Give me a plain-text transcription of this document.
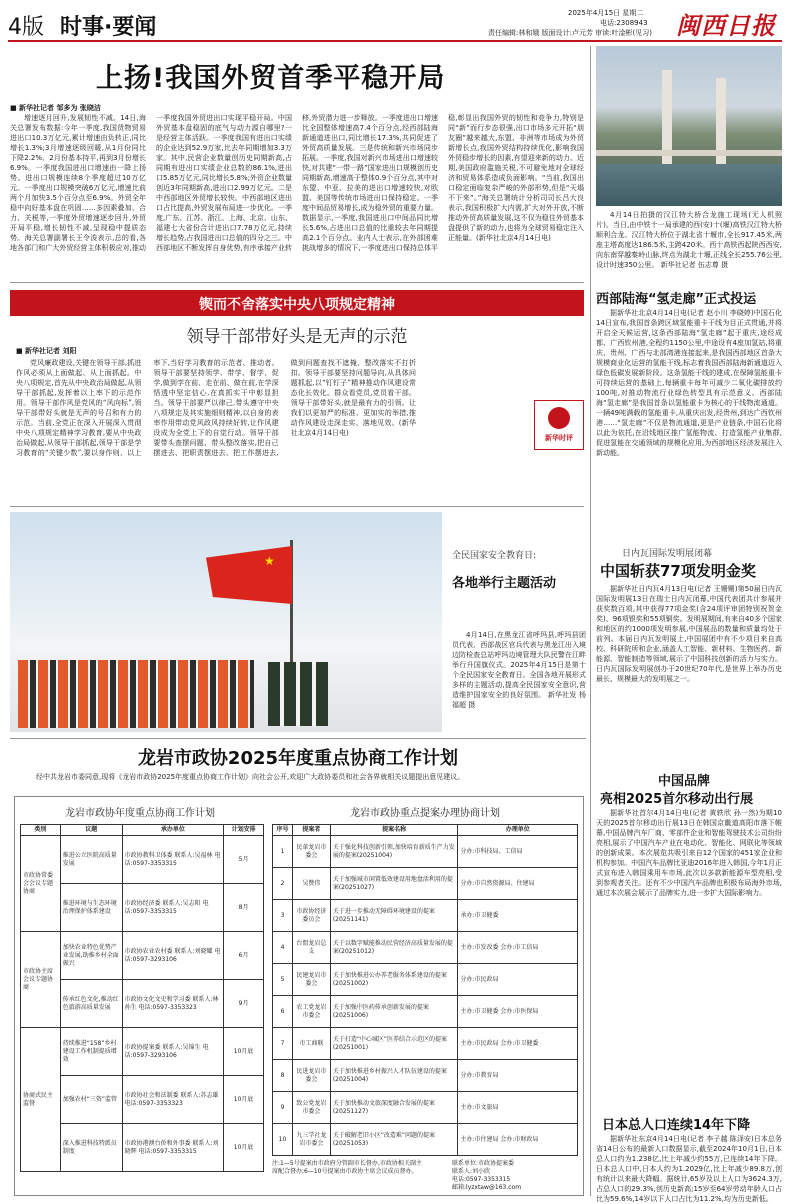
4版 时事·要闻
2025年4月15日 星期二
电话:2308943
责任编辑:林和娥 版面设计:卢元芳 审读:叶淦彬(见习) 闽西日报
上扬!我国外贸首季平稳开局
■ 新华社记者 邹多为 张晓洁
增速逐月回升,发展韧性不减。14日,海关总署发布数据:今年一季度,我国货物贸易进出口10.3万亿元,累计增速由负转正,同比增长1.3%;3月增速逐级回暖,从1月份同比下降2.2%、2月份基本持平,再到3月份增长6.9%。一季度我国进出口增速由一降上扬势。进出口规模连续8个季度超过10万亿元。一季度出口规模突破6万亿元,增速比前两个月加快3.5个百分点至6.9%。外贸全年稳中向好基本盘在巩固……多因素叠加、合力、关税等,一季度外贸增速逐步回升,外贸开局平稳,增长韧性不减,呈现稳中提质态势。海关总署副署长王令浚表示,总的看,各地各部门和广大外贸经营主体积极应对,推动一季度我国外贸进出口实现平稳开局。中国外贸基本盘稳固的底气与动力源自哪里?一是经营主体活跃。一季度我国有进出口实绩的企业达到52.9万家,比去年同期增加3.3万家。其中,民营企业数量创历史同期新高,占同期有进出口实绩企业总数的86.1%,进出口5.85万亿元,同比增长5.8%;外资企业数量创近3年同期新高,进出口2.99万亿元。二是中西部地区外贸增长较快。中西部地区进出口占比提高,外贸发展布局进一步优化。一季度,广东、江苏、浙江、上海、北京、山东、福建七大省份合计进出口7.78万亿元,持续增长趋势,占我国进出口总值的四分之三。中西部地区不断发挥自身优势,有序承接产业转移,外贸潜力进一步释放。一季度进出口增速比全国整体增速高7.4个百分点,经西部陆海新通道进出口,同比增长17.3%,共同促进了外贸高质量发展。三是传统和新兴市场同步拓展。一季度,我国对新兴市场进出口增速较快,对共建“一带一路”国家进出口规模创历史同期新高,增速高于整体0.9个百分点,其中对东盟、中亚、拉美的进出口增速较快,对欧盟、美国等传统市场进出口保持稳定。一季度中间品贸易增长,成为稳外贸的重要力量。数据显示,一季度,我国进出口中间品同比增长5.6%,占进出口总值的比重较去年同期提高2.1个百分点。业内人士表示,在外部困难挑战增多的情况下,一季度进出口保持总体平稳,彰显出我国外贸的韧性和竞争力,特别是同“新”而行步态很强,出口市场多元开拓“朋友圈”越来越大,东盟、非洲等市场成为外贸新增长点,我国外贸结构持续优化,影响我国外贸稳步增长的因素,有望迎来新的动力。近期,美国政府滥施关税,不可避免地对全球经济和贸易体系造成负面影响。“当前,我国出口稳定面临复杂严峻的外部形势,但是“天塌不下来”。”海关总署统计分析司司长吕大良表示,我国积极扩大内需,扩大对外开放,不断推动外贸高质量发展,这不仅为稳住外贸基本盘提供了新的动力,也将为全球贸易稳定注入正能量。(新华社北京4月14日电)
4月14日拍摄的汉江特大桥合龙施工现场(无人机照片)。当日,由中铁十一局承建的西(安)十(堰)高铁汉江特大桥顺利合龙。汉江特大桥位于湖北省十堰市,全长917.45米,两座主塔高度达186.5米,主跨420米。西十高铁西起陕西西安,向东南穿越秦岭山脉,终点为湖北十堰,正线全长255.76公里,设计时速350公里。 新华社记者 伍志尊 摄
西部陆海“氢走廊”正式投运
据新华社北京4月14日电(记者 赵小川 李晓婷)中国石化14日宣布,我国首条跨区域氢能重卡干线为目正式贯通,并将开启全天候运营,这条西部陆海“氢走廊”起于重庆,途经成都、广西钦州港,全程约1150公里,中途设有4座加氢站,将重庆、贵州、广西与北部湾港连接起来,是我国西部地区首条大规模商业化运营的氢能干线,标志着我国西部陆海新通道迈入绿色低碳发展新阶段。这条氢能干线的建成,在保障氢能重卡可持续运营的基础上,每辆重卡每年可减少二氧化碳排放约100吨,对推动物流行业绿色转型具有示范意义。西部陆海“氢走廊”是我国首条以氢能重卡为核心的干线物流通道。一辆49吨满载的氢能重卡,从重庆出发,经贵州,到达广西钦州港……“氢走廊”不仅是物流通道,更是产业链条,中国石化将以此为依托,在沿线地区推广氢能物流、打造氢能产业集群,促进氢能在交通领域的规模化应用,为西部地区经济发展注入新动能。
日内瓦国际发明展闭幕
中国斩获77项发明金奖
据新华社日内瓦4月13日电(记者 王姗姗)第50届日内瓦国际发明展13日在瑞士日内瓦闭幕,中国代表团共计参展并获奖数百项,其中获得77项金奖(含24项评审团特别祝贺金奖)、96项银奖和55项铜奖。发明展期间,有来自40多个国家和地区的约1000项发明参展,中国展品的数量和质量均处于前列。本届日内瓦发明展上,中国展团中有不少项目来自高校、科研院所和企业,涵盖人工智能、新材料、生物医药、新能源、智能制造等领域,展示了中国科技创新的活力与实力。日内瓦国际发明展创办于20世纪70年代,是世界上举办历史最长、规模最大的发明展之一。
中国品牌
亮相2025首尔移动出行展
据新华社首尔4月14日电(记者 黄轶欣 孙一然)为期10天的2025首尔移动出行展13日在韩国京畿道高阳市落下帷幕,中国品牌汽车厂商、零部件企业和智能驾驶技术公司纷纷亮相,展示了中国汽车产业在电动化、智能化、网联化等领域的创新成果。本次展览共吸引来自12个国家的451家企业和机构参加。中国汽车品牌比亚迪2016年进入韩国,今年1月正式宣布进入韩国乘用车市场,此次以多款新能源车型亮相,受到参观者关注。还有不少中国汽车品牌也积极布局海外市场,通过本次展会展示了品牌实力,进一步扩大国际影响力。
日本总人口连续14年下降
据新华社东京4月14日电(记者 李子越 陈泽安)日本总务省14日公布的最新人口数据显示,截至2024年10月1日,日本总人口约为1.238亿,比上年减少约55万,已连续14年下降。日本总人口中,日本人约为1.2029亿,比上年减少89.8万,创有统计以来最大降幅。据统计,65岁及以上人口为3624.3万,占总人口的29.3%,创历史新高;15岁至64岁劳动年龄人口占比为59.6%,14岁以下人口占比为11.2%,均为历史新低。
锲而不舍落实中央八项规定精神
领导干部带好头是无声的示范
■ 新华社记者 刘阳
党风廉政建设,关键在领导干部,抓进作风必须从上面做起、从上面抓起。中央八项规定,首先从中央政治局做起,从领导干部抓起,发挥着以上率下的示范作用。领导干部作风是党风的“风向标”,领导干部带好头就是无声的号召和有力的示范。当前,全党正在深入开展深入贯彻中央八项规定精神学习教育,要从中央政治局做起,从领导干部抓起,领导干部是学习教育的“关键少数”,要以身作则、以上率下,当好学习教育的示范者、推动者。领导干部要坚持领学、带学、督学、促学,做到学在前、走在前、做在前,在学深悟透中坚定信心,在真抓实干中彰显担当。领导干部要严以律己,带头遵守中央八项规定及其实施细则精神,以自身的表率作用带动党风政风持续好转,让作风建设成为全党上下的自觉行动。领导干部要带头查摆问题、带头整改落实,把自己摆进去、把职责摆进去、把工作摆进去,做到问题查找不遮掩、整改落实不打折扣。领导干部要坚持问题导向,从具体问题抓起,以“钉钉子”精神推动作风建设常态化长效化。群众看党员,党员看干部。领导干部带好头,就是最有力的引领。让我们以更加严的标准、更加实的举措,推动作风建设走深走实、落地见效。(新华社北京4月14日电)
新华时评
★	全民国家安全教育日:
各地举行主题活动
4月14日,在黑龙江省呼玛县,呼玛县团员代表、西部战区官兵代表与黑龙江出入境边防检查总站呼玛边境管理大队民警在江畔举行升国旗仪式。2025年4月15日是第十个全民国家安全教育日。全国各地开展形式多样的主题活动,提高全民国家安全意识,营造维护国家安全的良好氛围。 新华社发 杨福超 摄
龙岩市政协2025年度重点协商工作计划
经中共龙岩市委同意,现将《龙岩市政协2025年度重点协商工作计划》向社会公开,欢迎广大政协委员和社会各界就相关议题提出意见建议。
龙岩市政协年度重点协商工作计划
类别	议题	承办单位	计划安排
市政协常委会会议专题协商	推进公立医院高质量发展	市政协教科卫体委 联系人:吴福林 电话:0597-3353315	5月
	推进环境与生态环境治理保护体系建设	市政协经济委 联系人:吴志阳 电话:0597-3353315	8月
市政协主席会议专题协商	加快农业特色优势产业发展,助推乡村全面振兴	市政协农业农村委 联系人:刘晓耀 电话:0597-3293106	6月
	传承红色文化,推动红色旅游高质量发展	市政协文化文史和学习委 联系人:林孙生 电话:0597-3353323	9月
协商式民主监督	持续推进“158”乡村建设工作机制提质增效	市政协提案委 联系人:吴锦生 电话:0597-3293106	10月底
	加强农村“三资”监管	市政协社会和法制委 联系人:苏志雄 电话:0597-3353323	10月底
	深入推进科技特派员制度	市政协港澳台侨和外事委 联系人:刘晓辉 电话:0597-3353315	10月底
龙岩市政协重点提案办理协商计划
序号	提案者	提案名称	办理单位
1	民革龙岩市委会	关于强化科技创新引领,加快培育新质生产力发展的提案(20251004)	分办:市科技局、工信局
2	吴赞伟	关于加强城市闲置低效建设用地盘活利用的提案(20251027)	分办:市自然资源局、住建局
3	市政协经济委员会	关于进一步推动无障碍环境建设的提案(20251141)	承办:市卫健委
4	台盟龙岩总支	关于以数字赋能推动民营经济高质量发展的提案(20251012)	主办:市发改委 会办:市工信局
5	民建龙岩市委会	关于加快推进公办养老服务体系建设的提案(20251002)	分办:市民政局
6	农工党龙岩市委会	关于加强中医药传承创新发展的提案(20251006)	主办:市卫健委 会办:市医保局
7	市工商联	关于打造“中心城区”医养结合示范区的提案(20251001)	主办:市民政局 会办:市卫健委
8	民进龙岩市委会	关于加快推进乡村振兴人才队伍建设的提案(20251004)	分办:市教育局
9	致公党龙岩市委会	关于加快推动文旅深度融合发展的提案(20251127)	主办:市文旅局
10	九三学社龙岩市委会	关于破解老旧小区“改造难”问题的提案(20251053)	主办:市住建局 会办:市财政局
注:1—5号提案由市政府分管副市长督办,市政协相关副主席配合督办;6—10号提案由市政协主席会议成员督办。
联系单位:市政协提案委
联系人:刘小欣
电话:0597-3353315
邮箱:lyzxtaw@163.com
